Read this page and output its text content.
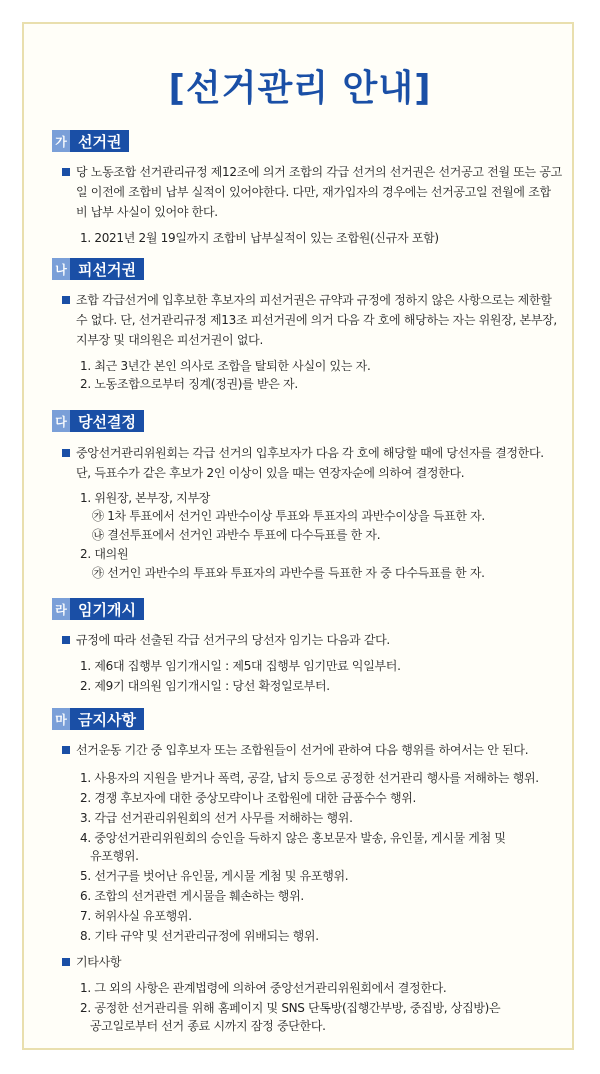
[선거관리 안내]
가 선거권
당 노동조합 선거관리규정 제12조에 의거 조합의 각급 선거의 선거권은 선거공고 전월 또는 공고일 이전에 조합비 납부 실적이 있어야한다. 다만, 재가입자의 경우에는 선거공고일 전월에 조합비 납부 사실이 있어야 한다.
1. 2021년 2월 19일까지 조합비 납부실적이 있는 조합원(신규자 포함)
나 피선거권
조합 각급선거에 입후보한 후보자의 피선거권은 규약과 규정에 정하지 않은 사항으로는 제한할 수 없다. 단, 선거관리규정 제13조 피선거권에 의거 다음 각 호에 해당하는 자는 위원장, 본부장, 지부장 및 대의원은 피선거권이 없다.
1. 최근 3년간 본인 의사로 조합을 탈퇴한 사실이 있는 자.
2. 노동조합으로부터 징계(정권)를 받은 자.
다 당선결정
중앙선거관리위원회는 각급 선거의 입후보자가 다음 각 호에 해당할 때에 당선자를 결정한다. 단, 득표수가 같은 후보가 2인 이상이 있을 때는 연장자순에 의하여 결정한다.
1. 위원장, 본부장, 지부장
㉮ 1차 투표에서 선거인 과반수이상 투표와 투표자의 과반수이상을 득표한 자.
㉯ 결선투표에서 선거인 과반수 투표에 다수득표를 한 자.
2. 대의원
㉮ 선거인 과반수의 투표와 투표자의 과반수를 득표한 자 중 다수득표를 한 자.
라 임기개시
규정에 따라 선출된 각급 선거구의 당선자 임기는 다음과 같다.
1. 제6대 집행부 임기개시일 : 제5대 집행부 임기만료 익일부터.
2. 제9기 대의원 임기개시일 : 당선 확정일로부터.
마 금지사항
선거운동 기간 중 입후보자 또는 조합원들이 선거에 관하여 다음 행위를 하여서는 안 된다.
1. 사용자의 지원을 받거나 폭력, 공갈, 납치 등으로 공정한 선거관리 행사를 저해하는 행위.
2. 경쟁 후보자에 대한 중상모략이나 조합원에 대한 금품수수 행위.
3. 각급 선거관리위원회의 선거 사무를 저해하는 행위.
4. 중앙선거관리위원회의 승인을 득하지 않은 홍보문자 발송, 유인물, 게시물 게첨 및
유포행위.
5. 선거구를 벗어난 유인물, 게시물 게첨 및 유포행위.
6. 조합의 선거관련 게시물을 훼손하는 행위.
7. 허위사실 유포행위.
8. 기타 규약 및 선거관리규정에 위배되는 행위.
기타사항
1. 그 외의 사항은 관계법령에 의하여 중앙선거관리위원회에서 결정한다.
2. 공정한 선거관리를 위해 홈페이지 및 SNS 단톡방(집행간부방, 중집방, 상집방)은
공고일로부터 선거 종료 시까지 잠정 중단한다.
